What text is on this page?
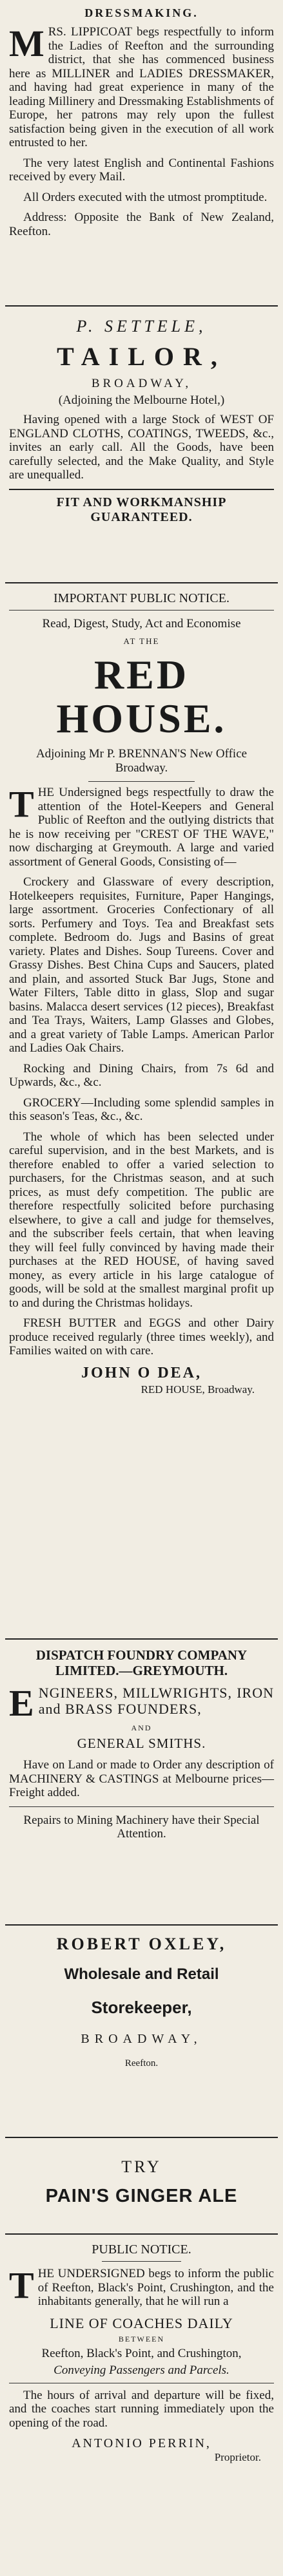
DRESSMAKING.

MRS. LIPPICOAT begs respectfully to inform the Ladies of Reefton and the surrounding district, that she has commenced business here as MILLINER and LADIES DRESSMAKER, and having had great experience in many of the leading Millinery and Dressmaking Establishments of Europe, her patrons may rely upon the fullest satisfaction being given in the execution of all work entrusted to her.

The very latest English and Continental Fashions received by every Mail.

All Orders executed with the utmost promptitude.

Address: Opposite the Bank of New Zealand, Reefton.

P. SETTELE,
TAILOR,
BROADWAY,
(Adjoining the Melbourne Hotel,)

Having opened with a large Stock of WEST OF ENGLAND CLOTHS, COATINGS, TWEEDS, &c., invites an early call. All the Goods, have been carefully selected, and the Make Quality, and Style are unequalled.

FIT AND WORKMANSHIP GUARANTEED.
IMPORTANT PUBLIC NOTICE.
Read, Digest, Study, Act and Economise
AT THE
RED HOUSE.

Adjoining Mr P. BRENNAN'S New Office Broadway.

THE Undersigned begs respectfully to draw the attention of the Hotel-Keepers and General Public of Reefton and the outlying districts that he is now receiving per "CREST OF THE WAVE," now discharging at Greymouth. A large and varied assortment of General Goods, Consisting of—

Crockery and Glassware of every description, Hotelkeepers requisites, Furniture, Paper Hangings, large assortment. Groceries Confectionary of all sorts. Perfumery and Toys. Tea and Breakfast sets complete. Bedroom do. Jugs and Basins of great variety. Plates and Dishes. Soup Tureens. Cover and Grassy Dishes. Best China Cups and Saucers, plated and plain, and assorted Stuck Bar Jugs, Stone and Water Filters, Table ditto in glass, Slop and sugar basins. Malacca desert services (12 pieces), Breakfast and Tea Trays, Waiters, Lamp Glasses and Globes, and a great variety of Table Lamps. American Parlor and Ladies Oak Chairs.

Rocking and Dining Chairs, from 7s 6d and Upwards, &c., &c.

GROCERY—Including some splendid samples in this season's Teas, &c., &c.

The whole of which has been selected under careful supervision, and in the best Markets, and is therefore enabled to offer a varied selection to purchasers, for the Christmas season, and at such prices, as must defy competition. The public are therefore respectfully solicited before purchasing elsewhere, to give a call and judge for themselves, and the subscriber feels certain, that when leaving they will feel fully convinced by having made their purchases at the RED HOUSE, of having saved money, as every article in his large catalogue of goods, will be sold at the smallest marginal profit up to and during the Christmas holidays.

FRESH BUTTER and EGGS and other Dairy produce received regularly (three times weekly), and Families waited on with care.

JOHN O DEA,
RED HOUSE, Broadway.
DISPATCH FOUNDRY COMPANY LIMITED.—GREYMOUTH.

ENGINEERS, MILLWRIGHTS, IRON and BRASS FOUNDERS,

AND
GENERAL SMITHS.

Have on Land or made to Order any description of MACHINERY & CASTINGS at Melbourne prices—Freight added.

Repairs to Mining Machinery have their Special Attention.

ROBERT OXLEY,
Wholesale and Retail
Storekeeper,
BROADWAY,
Reefton.
TRY
PAIN'S GINGER ALE
PUBLIC NOTICE.

THE UNDERSIGNED begs to inform the public of Reefton, Black's Point, Crushington, and the inhabitants generally, that he will run a

LINE OF COACHES DAILY
BETWEEN
Reefton, Black's Point, and Crushington,
Conveying Passengers and Parcels.

The hours of arrival and departure will be fixed, and the coaches start running immediately upon the opening of the road.

ANTONIO PERRIN,
Proprietor.
